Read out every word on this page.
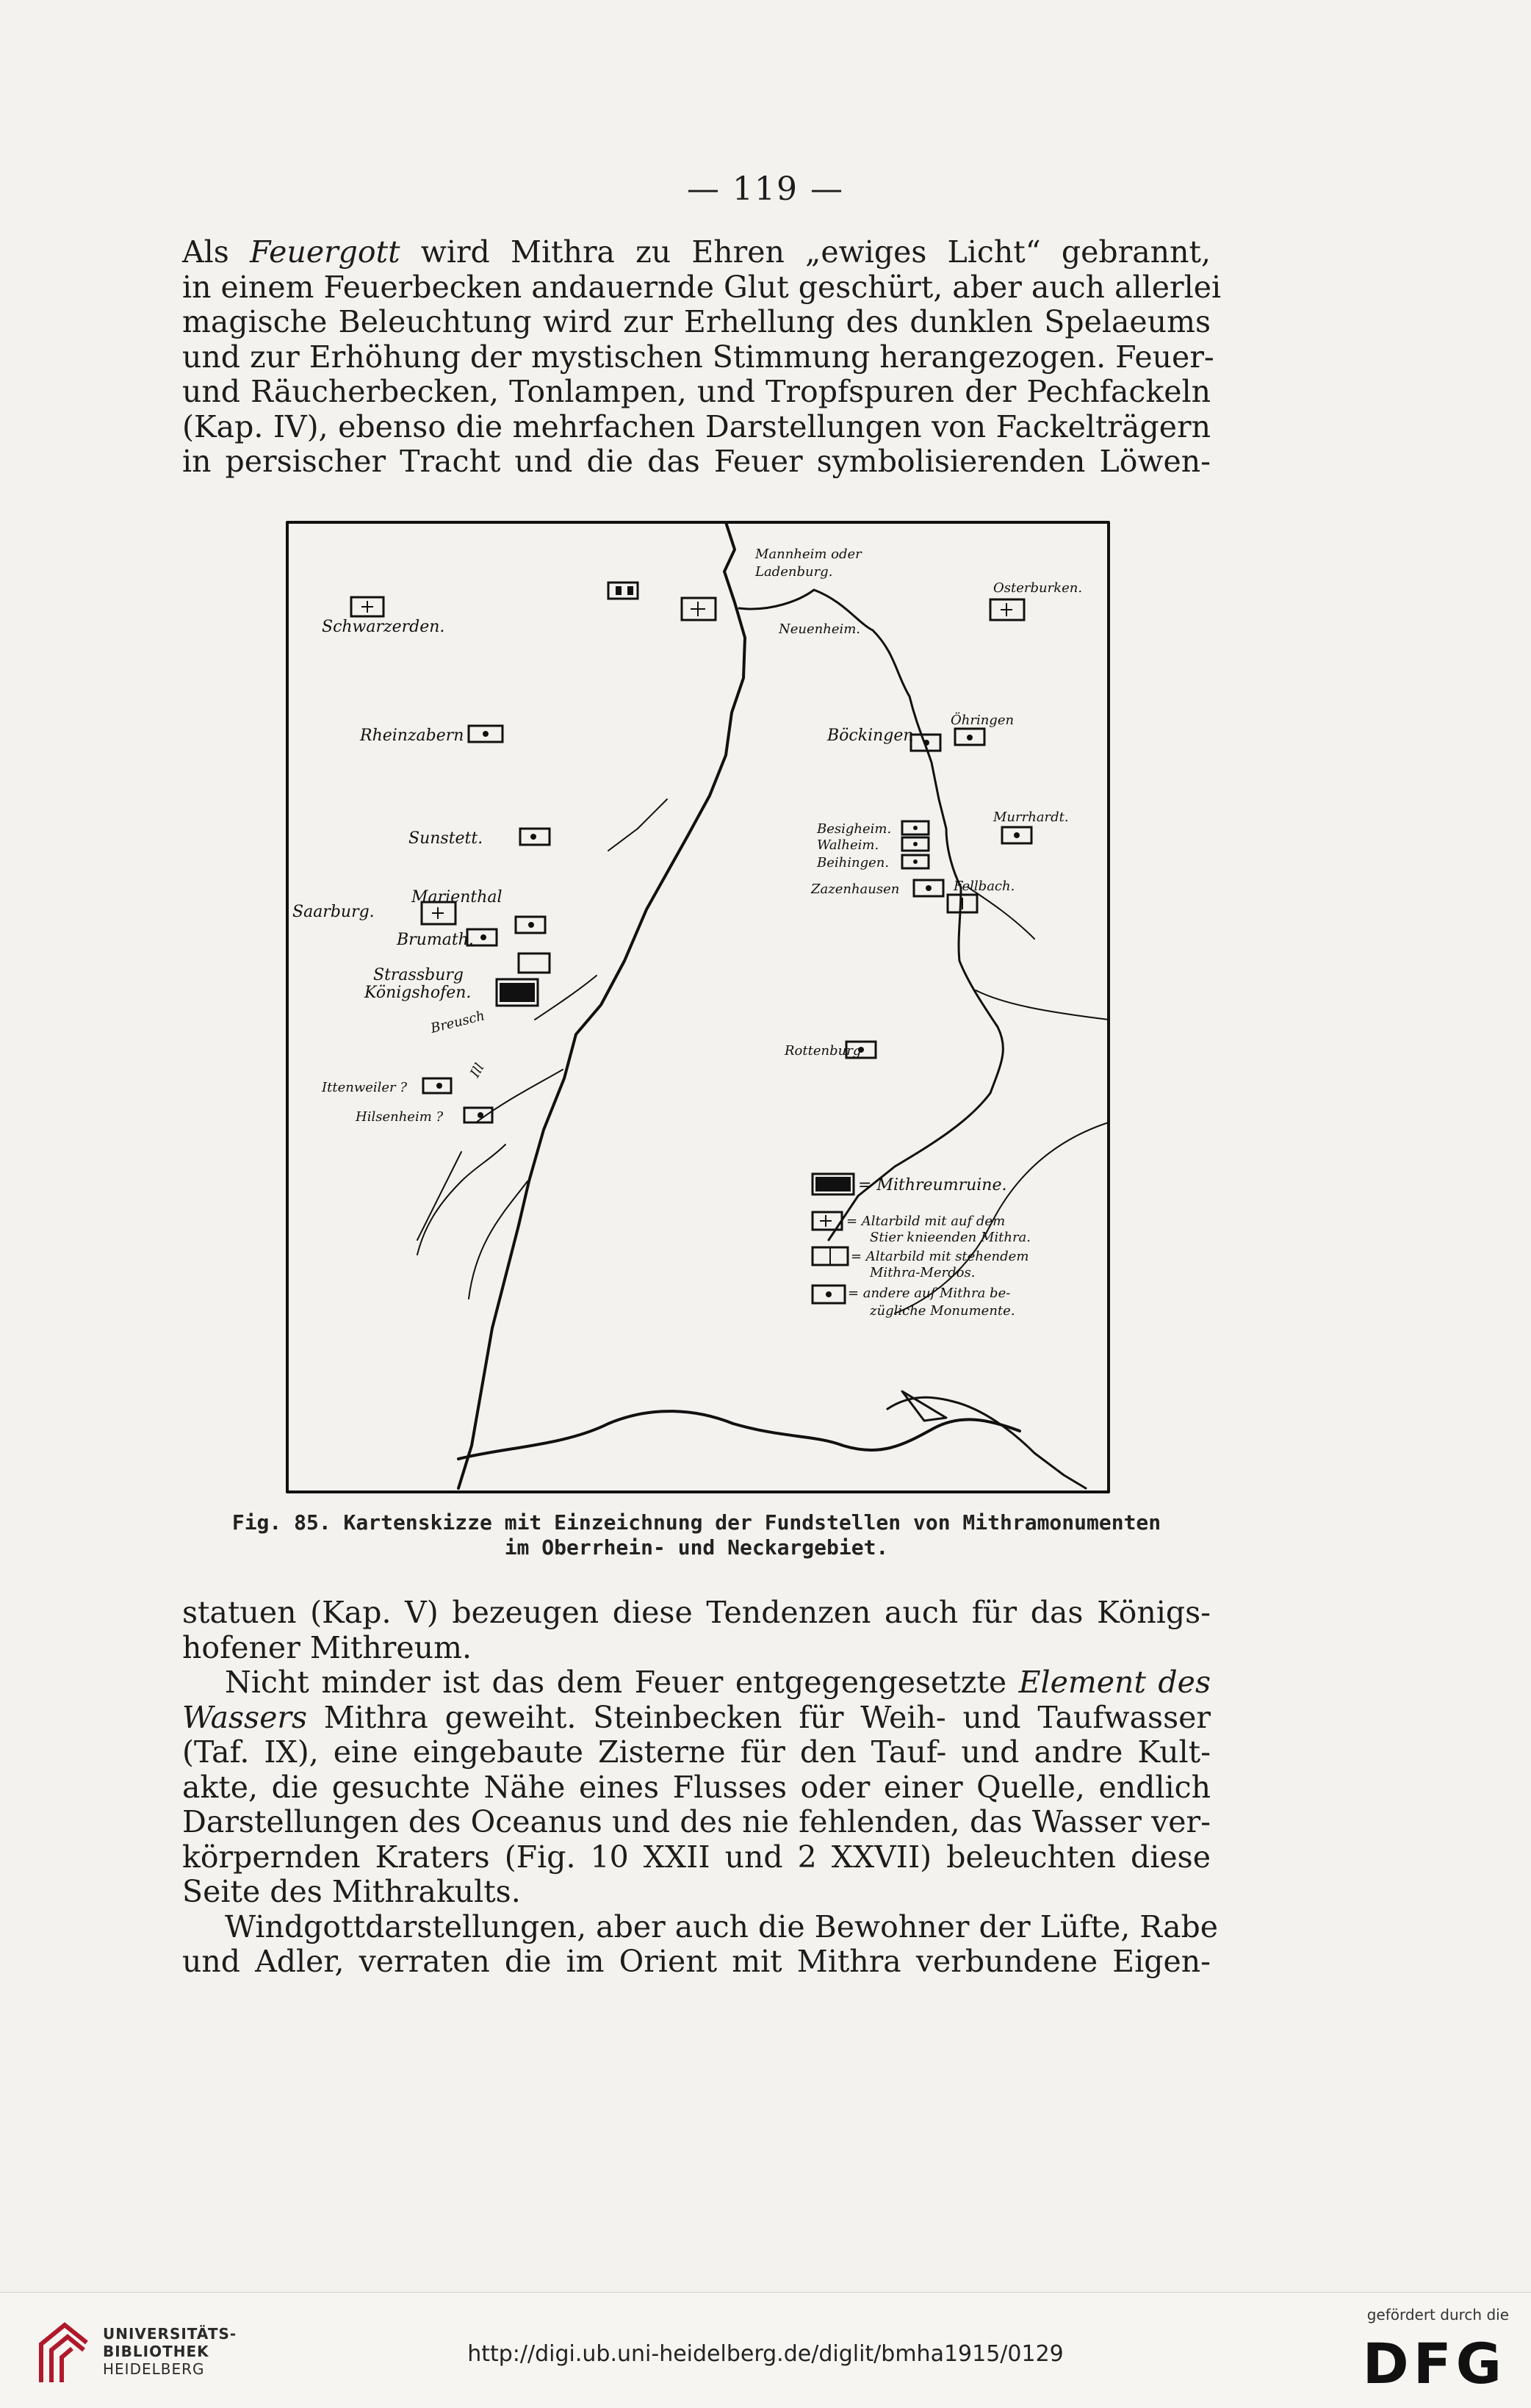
— 119 —
Als Feuergott wird Mithra zu Ehren „ewiges Licht“ gebrannt,
in einem Feuerbecken andauernde Glut geschürt, aber auch allerlei
magische Beleuchtung wird zur Erhellung des dunklen Spelaeums
und zur Erhöhung der mystischen Stimmung herangezogen. Feuer-
und Räucherbecken, Tonlampen, und Tropfspuren der Pechfackeln
(Kap. IV), ebenso die mehrfachen Darstellungen von Fackelträgern
in persischer Tracht und die das Feuer symbolisierenden Löwen-
Mannheim oder
Ladenburg.
Neuenheim.
Osterburken.
Schwarzerden.
Rheinzabern	Böckingen
Öhringen
Sunstett.
Besigheim.
Walheim.
Beihingen.
Murrhardt.
Marienthal
Saarburg.
Brumath.
Zazenhausen	Fellbach.
Strassburg
Königshofen.
Breusch
Rottenburg
Ill
Ittenweiler ?
Hilsenheim ?
= Mithreumruine.
= Altarbild mit auf dem
Stier knieenden Mithra.
= Altarbild mit stehendem
Mithra-Merdos.
= andere auf Mithra be-
zügliche Monumente.
Fig. 85. Kartenskizze mit Einzeichnung der Fundstellen von Mithramonumenten
im Oberrhein- und Neckargebiet.
statuen (Kap. V) bezeugen diese Tendenzen auch für das Königs-
hofener Mithreum.
Nicht minder ist das dem Feuer entgegengesetzte Element des
Wassers Mithra geweiht. Steinbecken für Weih- und Taufwasser
(Taf. IX), eine eingebaute Zisterne für den Tauf- und andre Kult-
akte, die gesuchte Nähe eines Flusses oder einer Quelle, endlich
Darstellungen des Oceanus und des nie fehlenden, das Wasser ver-
körpernden Kraters (Fig. 10 XXII und 2 XXVII) beleuchten diese
Seite des Mithrakults.
Windgottdarstellungen, aber auch die Bewohner der Lüfte, Rabe
und Adler, verraten die im Orient mit Mithra verbundene Eigen-
UNIVERSITÄTS-
BIBLIOTHEK
HEIDELBERG
http://digi.ub.uni-heidelberg.de/diglit/bmha1915/0129
gefördert durch die
DFG
